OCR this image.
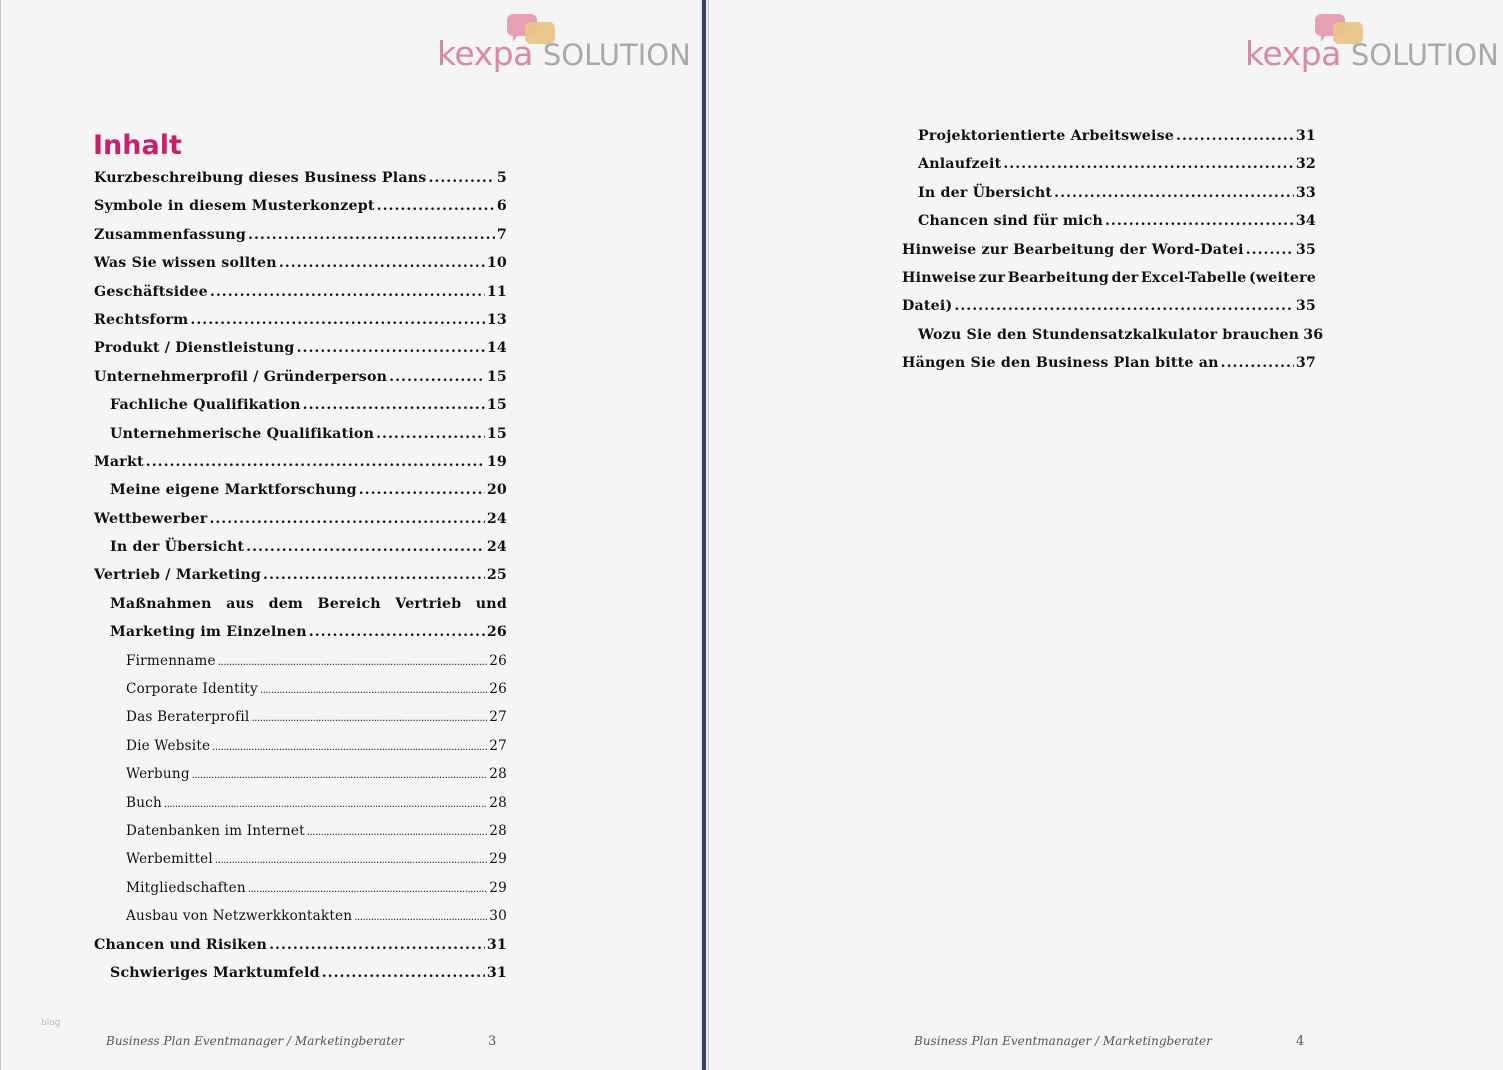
kexpa SOLUTION
Inhalt
Kurzbeschreibung dieses Business Plans .....	5
Symbole in diesem Musterkonzept .....	6
Zusammenfassung .....	7
Was Sie wissen sollten .....	10
Geschäftsidee .....	11
Rechtsform .....	13
Produkt / Dienstleistung .....	14
Unternehmerprofil / Gründerperson .....	15
Fachliche Qualifikation .....	15
Unternehmerische Qualifikation .....	15
Markt .....	19
Meine eigene Marktforschung .....	20
Wettbewerber .....	24
In der Übersicht .....	24
Vertrieb / Marketing .....	25
Maßnahmen aus dem Bereich Vertrieb und
Marketing im Einzelnen .....	26
Firmenname .....	26
Corporate Identity .....	26
Das Beraterprofil .....	27
Die Website .....	27
Werbung .....	28
Buch .....	28
Datenbanken im Internet .....	28
Werbemittel .....	29
Mitgliedschaften .....	29
Ausbau von Netzwerkkontakten .....	30
Chancen und Risiken .....	31
Schwieriges Marktumfeld .....	31
blog
Business Plan Eventmanager / Marketingberater	3
kexpa SOLUTION
Projektorientierte Arbeitsweise .....	31
Anlaufzeit .....	32
In der Übersicht .....	33
Chancen sind für mich .....	34
Hinweise zur Bearbeitung der Word-Datei .....	35
Hinweise zur Bearbeitung der Excel-Tabelle (weitere
Datei) .....	35
Wozu Sie den Stundensatzkalkulator brauchen 36
Hängen Sie den Business Plan bitte an .....	37
Business Plan Eventmanager / Marketingberater	4
